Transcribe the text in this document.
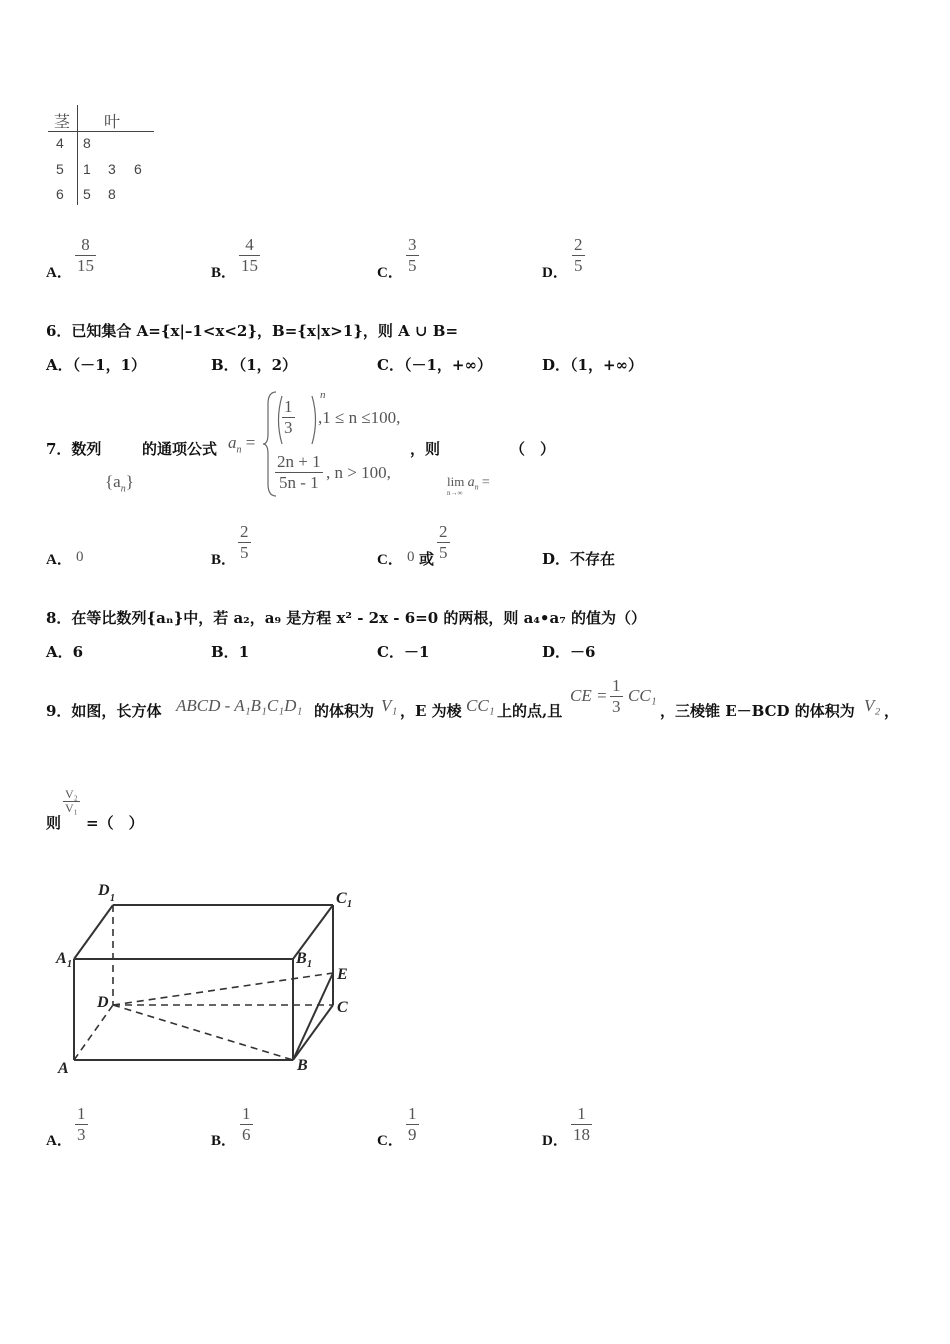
茎 叶
4 8
5 1 3 6
6 5 8
A． $\frac{8}{15}$	B． $\frac{4}{15}$	C． $\frac{3}{5}$	D． $\frac{2}{5}$
6．已知集合 A={x|–1<x<2}，B={x|x>1}，则 A ∪ B=
A．（－1，1）	B．（1，2）	C．（－1，+∞）	D．（1，+∞）
7．数列	的通项公式 $a_n$ =
$\{a_n\}$
$\frac{1}{3}$
n
,1 ≤ n ≤100,
$\frac{2n + 1}{5n - 1}$ , n > 100,
，则	（　）
$\lim a_n$ =
n→∞
A． 0	B． $\frac{2}{5}$	C． 0 或 $\frac{2}{5}$	D．不存在
8．在等比数列{aₙ}中，若 a₂，a₉ 是方程 x² - 2x - 6=0 的两根，则 a₄•a₇ 的值为（）
A．6	B．1	C．－1	D．－6
9．如图，长方体 ABCD - A₁B₁C₁D₁ 的体积为 V₁ ，E 为棱 CC₁ 上的点,且
CE = $\frac{1}{3} CC_1$
，三棱锥 E－BCD 的体积为 V₂ ，
则
$\frac{\text{V₂}}{\text{V₁}}$
=（　）
D 1	C 1
A 1	B 1
E
D	C
A	B
A． $\frac{1}{3}$	B． $\frac{1}{6}$	C． $\frac{1}{9}$	D． $\frac{1}{18}$
